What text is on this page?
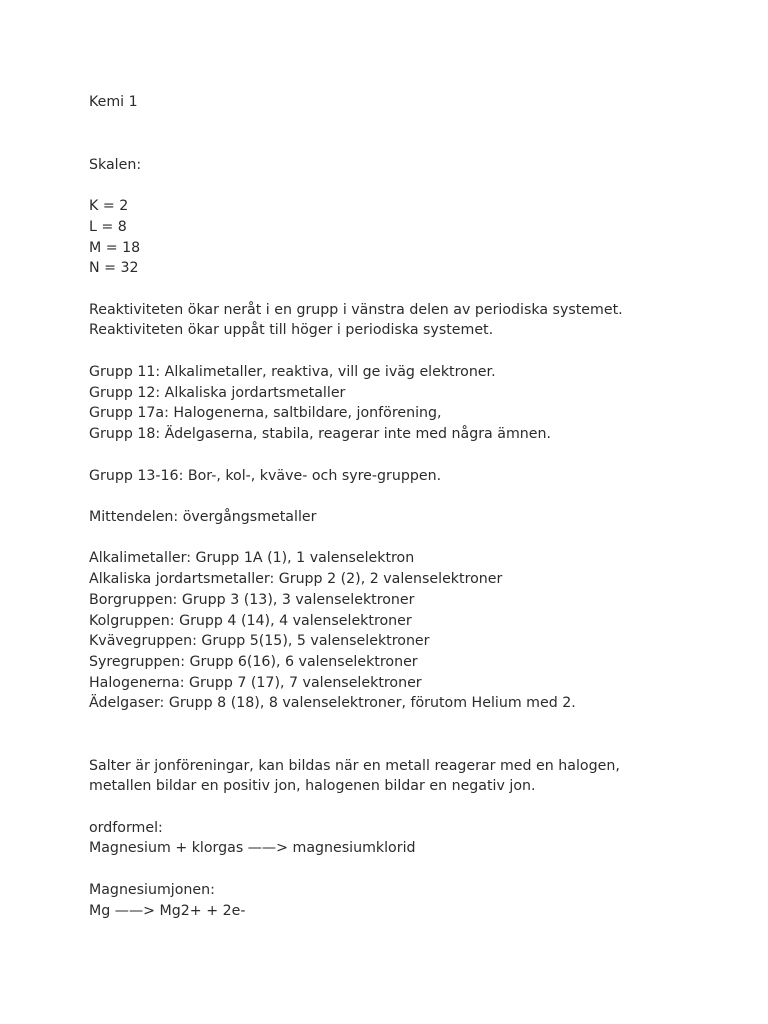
Kemi 1
Skalen:
K = 2
L = 8
M = 18
N = 32
Reaktiviteten ökar neråt i en grupp i vänstra delen av periodiska systemet.
Reaktiviteten ökar uppåt till höger i periodiska systemet.
Grupp 11: Alkalimetaller, reaktiva, vill ge iväg elektroner.
Grupp 12: Alkaliska jordartsmetaller
Grupp 17a: Halogenerna, saltbildare, jonförening,
Grupp 18: Ädelgaserna, stabila, reagerar inte med några ämnen.
Grupp 13-16: Bor-, kol-, kväve- och syre-gruppen.
Mittendelen: övergångsmetaller
Alkalimetaller: Grupp 1A (1), 1 valenselektron
Alkaliska jordartsmetaller: Grupp 2 (2), 2 valenselektroner
Borgruppen: Grupp 3 (13), 3 valenselektroner
Kolgruppen: Grupp 4 (14), 4 valenselektroner
Kvävegruppen: Grupp 5(15), 5 valenselektroner
Syregruppen: Grupp 6(16), 6 valenselektroner
Halogenerna: Grupp 7 (17), 7 valenselektroner
Ädelgaser: Grupp 8 (18), 8 valenselektroner, förutom Helium med 2.
Salter är jonföreningar, kan bildas när en metall reagerar med en halogen,
metallen bildar en positiv jon, halogenen bildar en negativ jon.
ordformel:
Magnesium + klorgas ——> magnesiumklorid
Magnesiumjonen:
Mg ——> Mg2+ + 2e-
